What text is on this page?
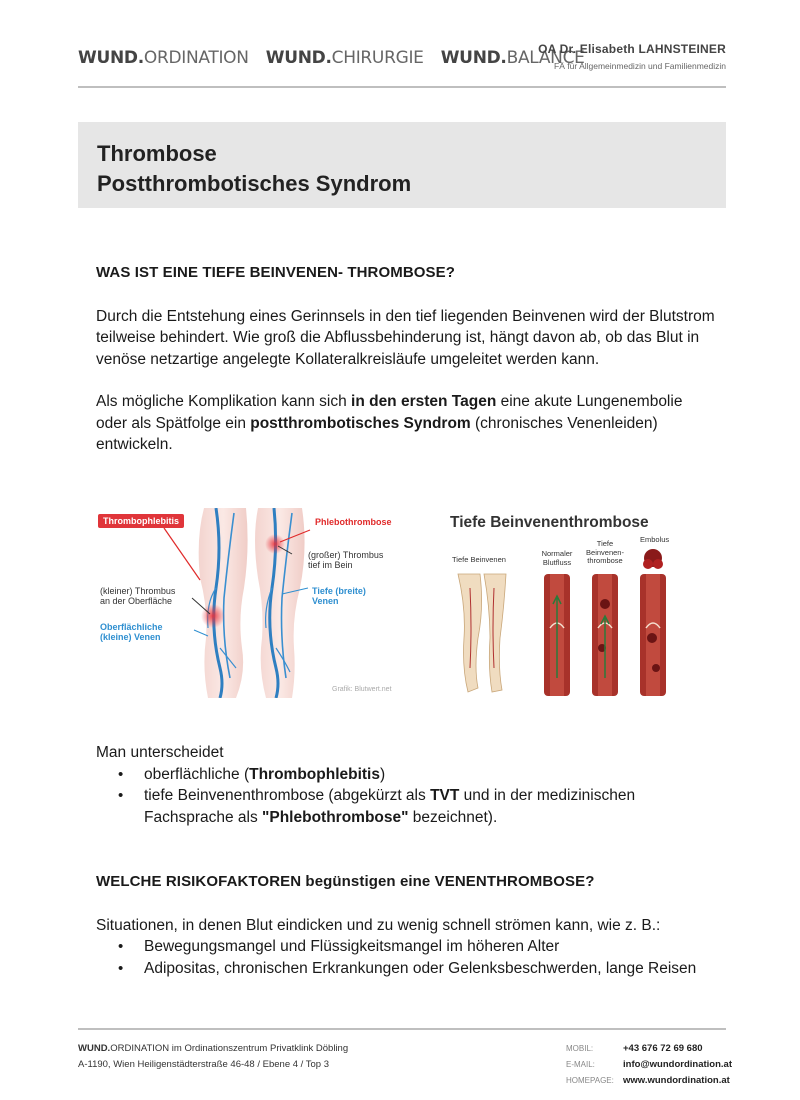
WUND.ORDINATION WUND.CHIRURGIE WUND.BALANCE
OA Dr. Elisabeth LAHNSTEINER
FÄ für Allgemeinmedizin und Familienmedizin
Thrombose
Postthrombotisches Syndrom
WAS IST EINE TIEFE BEINVENEN- THROMBOSE?

Durch die Entstehung eines Gerinnsels in den tief liegenden Beinvenen wird der Blutstrom teilweise behindert. Wie groß die Abflussbehinderung ist, hängt davon ab, ob das Blut in venöse netzartige angelegte Kollateralkreisläufe umgeleitet werden kann.

Als mögliche Komplikation kann sich in den ersten Tagen eine akute Lungenembolie oder als Spätfolge ein postthrombotisches Syndrom (chronisches Venenleiden) entwickeln.

Thrombophlebitis	Phlebothrombose
(großer) Thrombus
tief im Bein
(kleiner) Thrombus
an der Oberfläche
Tiefe (breite)
Venen
Oberflächliche
(kleine) Venen
Grafik: Blutwert.net
Tiefe Beinvenenthrombose
Tiefe Beinvenen
Normaler
Blutfluss
Tiefe
Beinvenen-
thrombose
Embolus

Man unterscheidet

• oberflächliche (Thrombophlebitis)
• tiefe Beinvenenthrombose (abgekürzt als TVT und in der medizinischen Fachsprache als "Phlebothrombose" bezeichnet).
WELCHE RISIKOFAKTOREN begünstigen eine VENENTHROMBOSE?

Situationen, in denen Blut eindicken und zu wenig schnell strömen kann, wie z. B.:

• Bewegungsmangel und Flüssigkeitsmangel im höheren Alter
• Adipositas, chronischen Erkrankungen oder Gelenksbeschwerden, lange Reisen
WUND.ORDINATION im Ordinationszentrum Privatklink Döbling
A-1190, Wien Heiligenstädterstraße 46-48 / Ebene 4 / Top 3
MOBIL:	+43 676 72 69 680
E-MAIL:	info@wundordination.at
HOMEPAGE: www.wundordination.at
